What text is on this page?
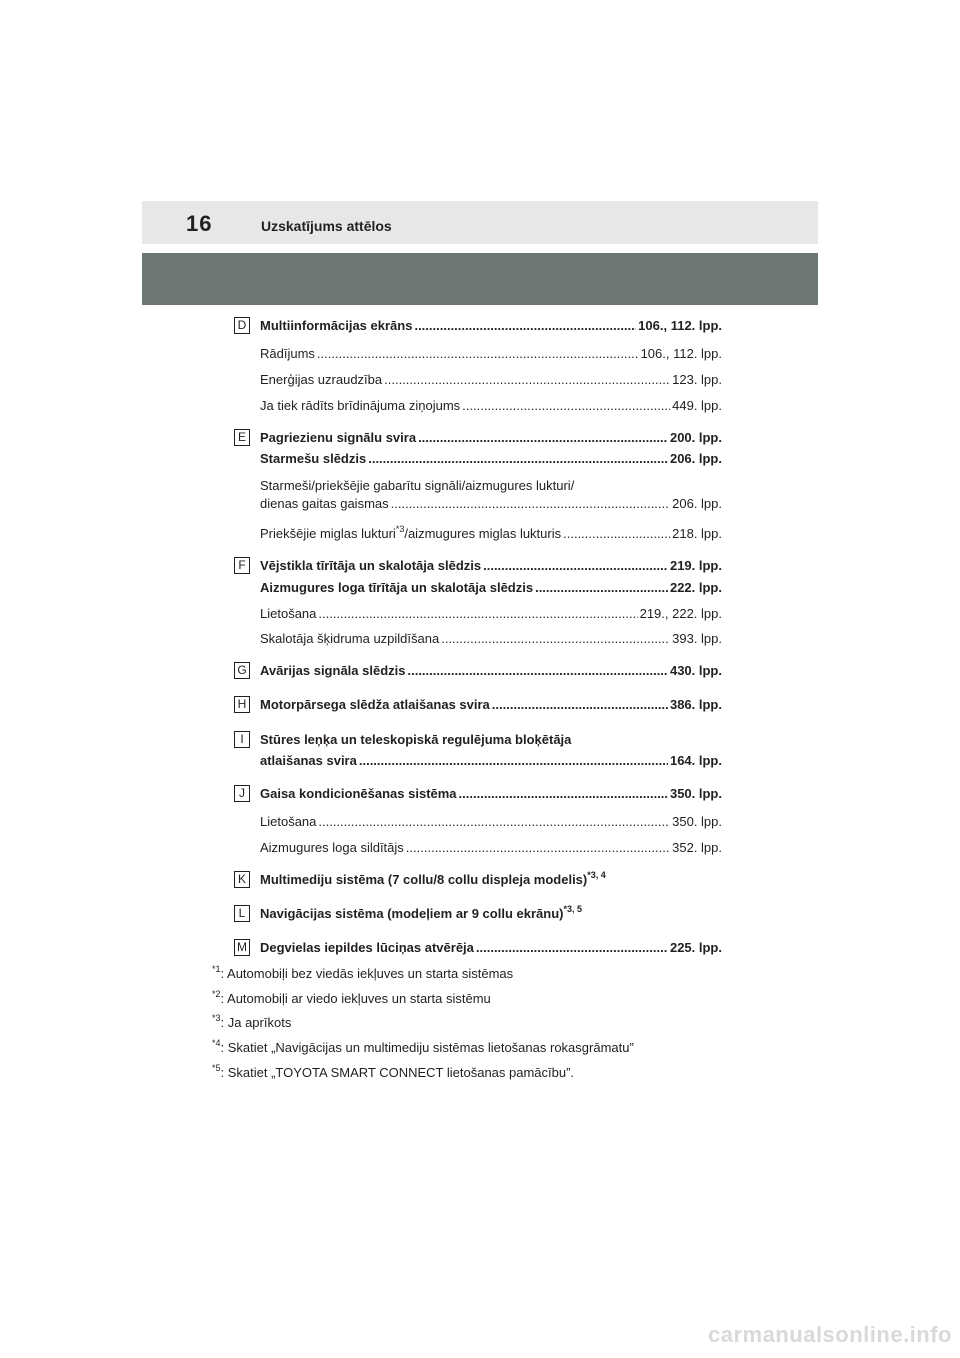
16	Uzskatījums attēlos
D Multiinformācijas ekrāns .....	106., 112. lpp.
Rādījums .....	106., 112. lpp.
Enerģijas uzraudzība .....	123. lpp.
Ja tiek rādīts brīdinājuma ziņojums .....	449. lpp.
E	Pagriezienu signālu svira .....	200. lpp.
Starmešu slēdzis .....	206. lpp.
Starmeši/priekšējie gabarītu signāli/aizmugures lukturi/
dienas gaitas gaismas .....	206. lpp.
Priekšējie miglas lukturi$^{*3}$/aizmugures miglas lukturis .....	218. lpp.
F	Vējstikla tīrītāja un skalotāja slēdzis .....	219. lpp.
Aizmugures loga tīrītāja un skalotāja slēdzis .....	222. lpp.
Lietošana .....	219., 222. lpp.
Skalotāja šķidruma uzpildīšana .....	393. lpp.
G Avārijas signāla slēdzis .....	430. lpp.
H Motorpārsega slēdža atlaišanas svira .....	386. lpp.
I	Stūres leņķa un teleskopiskā regulējuma bloķētāja
atlaišanas svira .....	164. lpp.
J	Gaisa kondicionēšanas sistēma .....	350. lpp.
Lietošana .....	350. lpp.
Aizmugures loga sildītājs .....	352. lpp.
K	Multimediju sistēma (7 collu/8 collu displeja modelis)$^{*3, 4}$
L	Navigācijas sistēma (modeļiem ar 9 collu ekrānu)$^{*3, 5}$
M Degvielas iepildes lūciņas atvērēja .....	225. lpp.
$^{*1}$: Automobiļi bez viedās iekļuves un starta sistēmas
$^{*2}$: Automobiļi ar viedo iekļuves un starta sistēmu
$^{*3}$: Ja aprīkots
$^{*4}$: Skatiet „Navigācijas un multimediju sistēmas lietošanas rokasgrāmatu”
$^{*5}$: Skatiet „TOYOTA SMART CONNECT lietošanas pamācību”.
carmanualsonline.info
